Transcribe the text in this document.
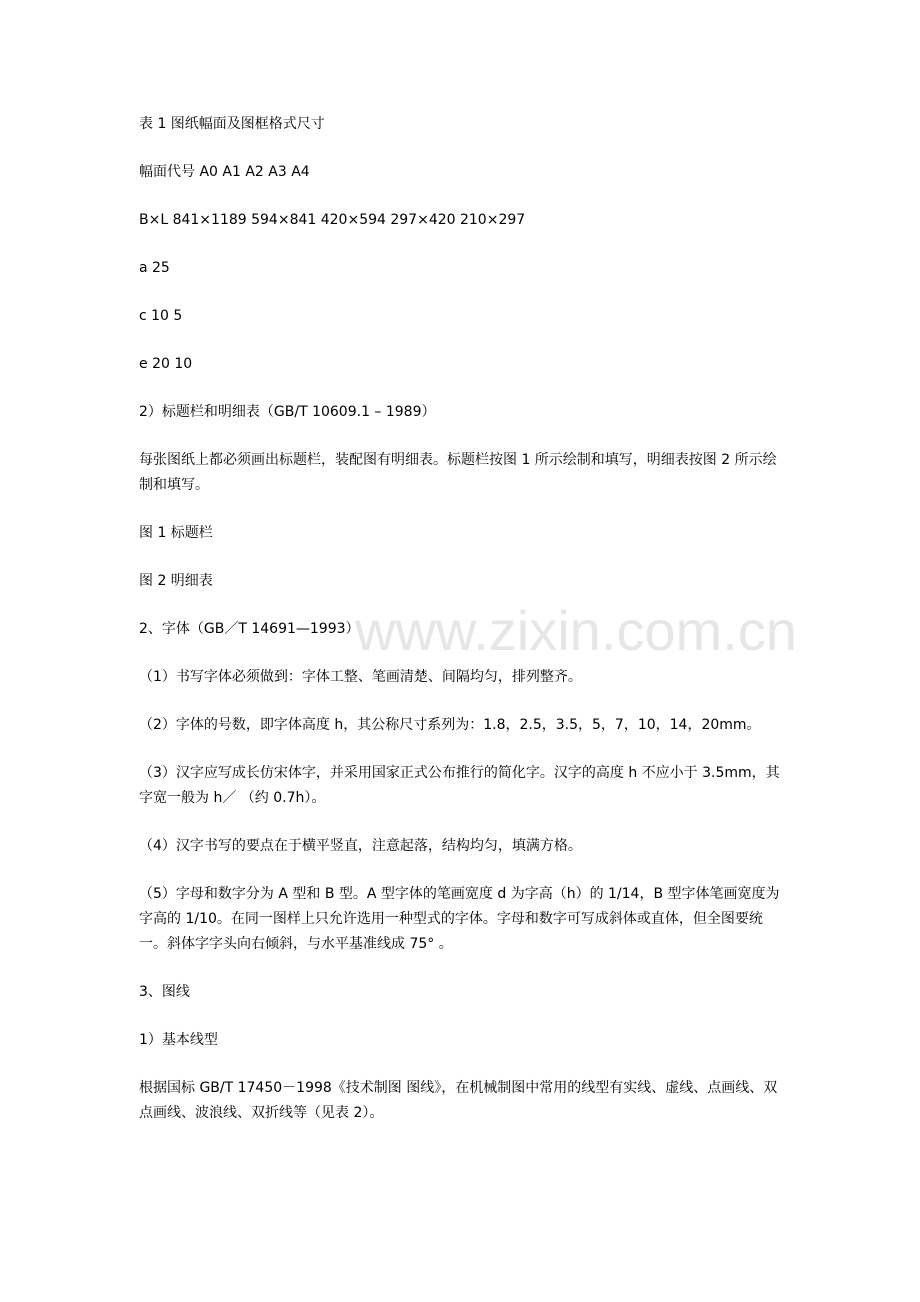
www.zixin.com.cn

表 1 图纸幅面及图框格式尺寸

幅面代号 A0 A1 A2 A3 A4

B×L 841×1189 594×841 420×594 297×420 210×297

a 25

c 10 5

e 20 10

2）标题栏和明细表（GB/T 10609.1 – 1989）

每张图纸上都必须画出标题栏，装配图有明细表。标题栏按图 1 所示绘制和填写，明细表按图 2 所示绘制和填写。

图 1 标题栏

图 2 明细表

2、字体（GB／T 14691—1993）

（1）书写字体必须做到：字体工整、笔画清楚、间隔均匀，排列整齐。

（2）字体的号数，即字体高度 h，其公称尺寸系列为：1.8，2.5，3.5，5，7，10，14，20mm。

（3）汉字应写成长仿宋体字，并采用国家正式公布推行的简化字。汉字的高度 h 不应小于 3.5mm，其字宽一般为 h／ （约 0.7h）。

（4）汉字书写的要点在于横平竖直，注意起落，结构均匀，填满方格。

（5）字母和数字分为 A 型和 B 型。A 型字体的笔画宽度 d 为字高（h）的 1/14，B 型字体笔画宽度为字高的 1/10。在同一图样上只允许选用一种型式的字体。字母和数字可写成斜体或直体，但全图要统一。斜体字字头向右倾斜，与水平基准线成 75° 。

3、图线

1）基本线型

根据国标 GB/T 17450－1998《技术制图 图线》，在机械制图中常用的线型有实线、虚线、点画线、双点画线、波浪线、双折线等（见表 2）。
